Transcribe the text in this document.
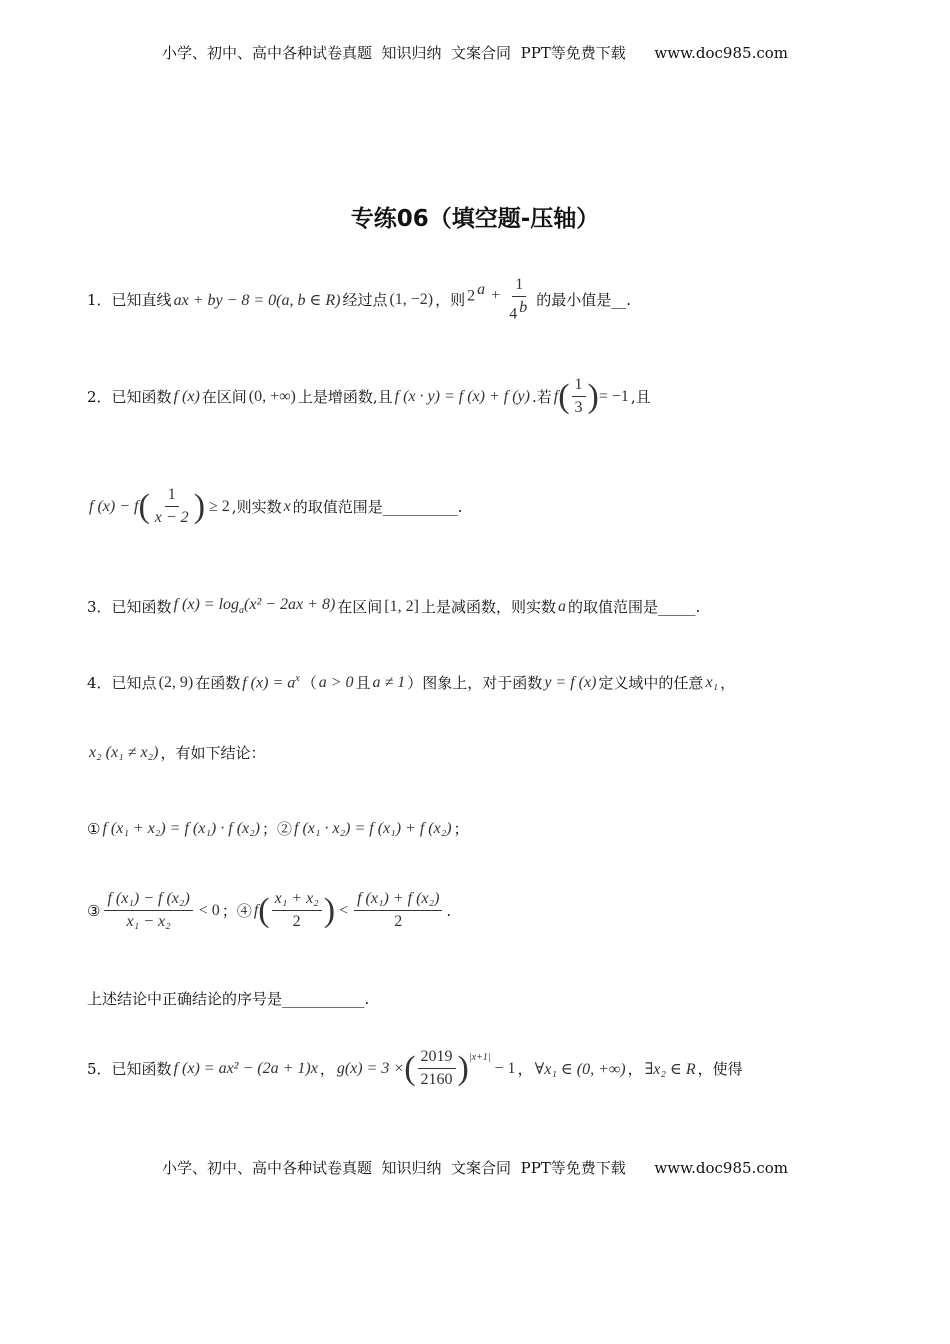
小学、初中、高中各种试卷真题  知识归纳  文案合同  PPT等免费下载      www.doc985.com
专练06（填空题-压轴）
1． 已知直线 ax + by − 8 = 0(a, b ∈ R) 经过点 (1, −2) ，则 2 $^a + \frac{1}{4 ^b}$ 的最小值是__.
2． 已知函数 f (x) 在区间 (0, +∞) 上是增函数,且 f (x · y) = f (x) + f (y) .若 f ( $\frac{1}{3}$ ) = −1 ,且
f (x) − f ( $\frac{1}{x - 2}$ ) ≥ 2 ,则实数 x 的取值范围是__________.
3． 已知函数 f $(x) = \log_a(x^2 - 2ax + 8)$ 在区间 [1, 2] 上是减函数，则实数 a 的取值范围是_____.
4． 已知点 (2, 9) 在函数 f $(x) = a^x$ （ a > 0 且 a ≠ 1 ）图象上，对于函数 y = f (x) 定义域中的任意 x₁ ，
x₂ (x₁ ≠ x₂) ，有如下结论：
① f (x₁ + x₂) = f (x₁) · f (x₂) ；② f (x₁ · x₂) = f (x₁) + f (x₂) ；
③ $\frac{\text{f (x₁) − f (x₂)}}{\text{x₁ − x₂}} < 0$ ；④ f ( $\frac{\text{x₁ + x₂}}{2}$ ) < $\frac{\text{f (x₁) + f (x₂)}}{2}$ .
上述结论中正确结论的序号是___________.
5． 已知函数 f (x) = ax² − (2a + 1)x ， g(x) = 3 × ( $\frac{2019}{2160} )^{|x+1|}$
− 1 ， ∀x₁ ∈ (0, +∞) ， ∃x₂ ∈ R ，使得
小学、初中、高中各种试卷真题  知识归纳  文案合同  PPT等免费下载      www.doc985.com
